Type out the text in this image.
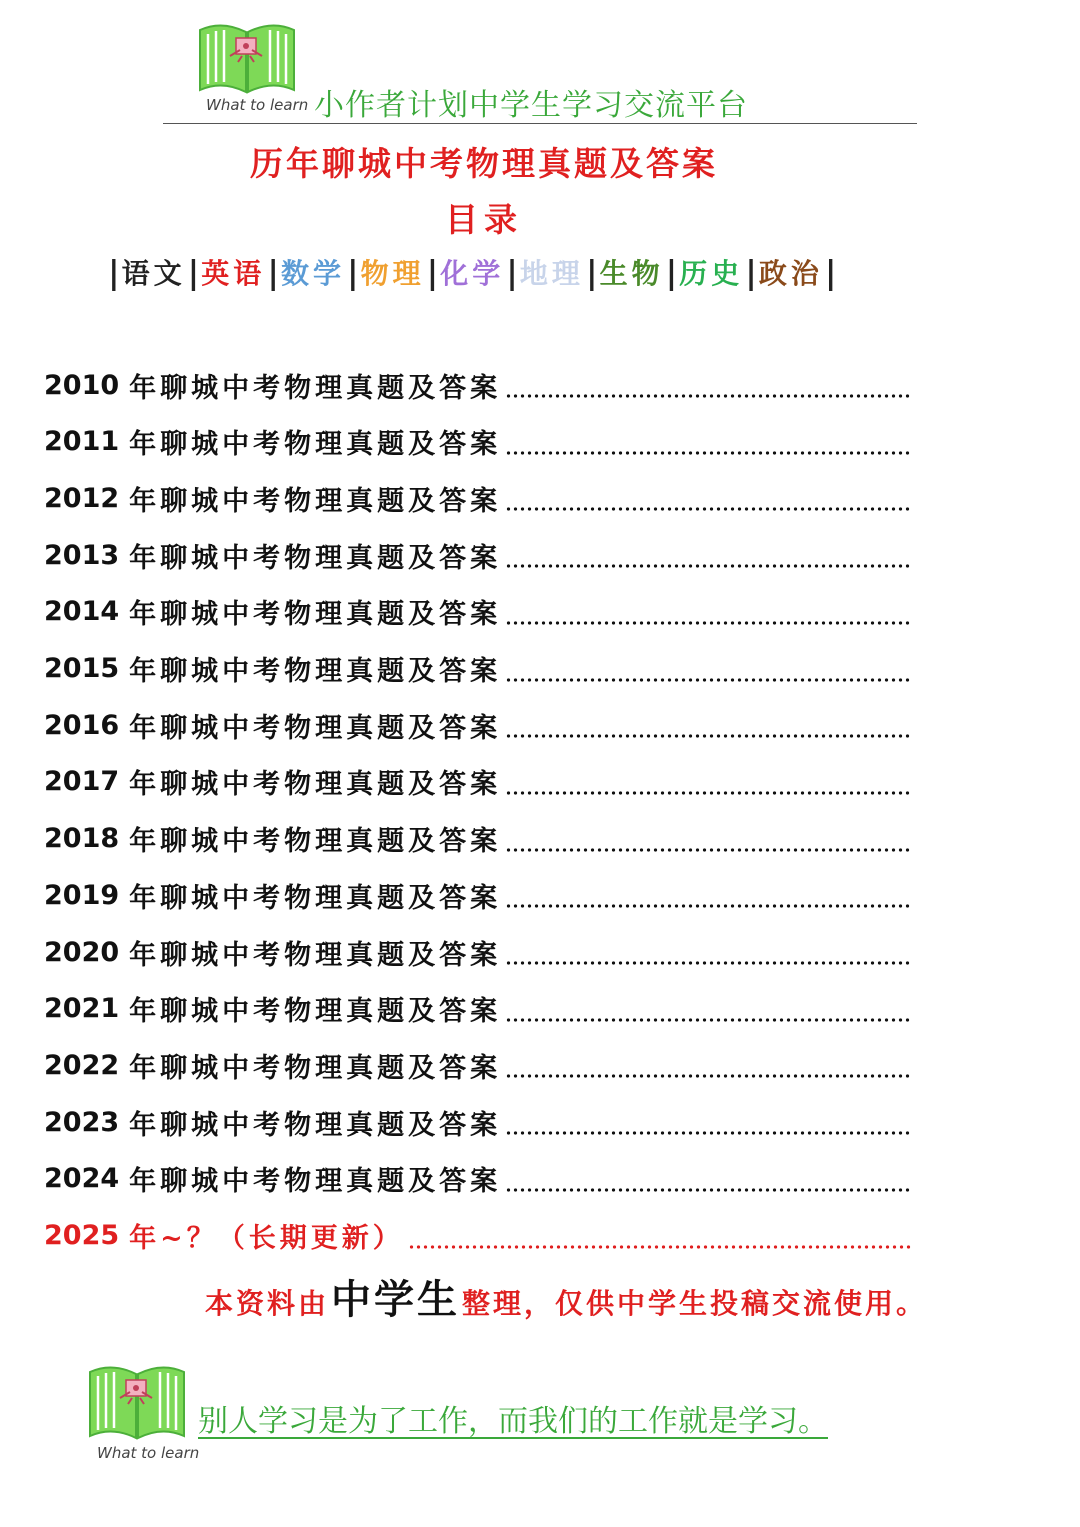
What to learn 小作者计划中学生学习交流平台
历年聊城中考物理真题及答案
目录
| 语文 | 英语 | 数学 | 物理 | 化学 | 地理 | 生物 | 历史 | 政治 |
2010 年聊城中考物理真题及答案
2011 年聊城中考物理真题及答案
2012 年聊城中考物理真题及答案
2013 年聊城中考物理真题及答案
2014 年聊城中考物理真题及答案
2015 年聊城中考物理真题及答案
2016 年聊城中考物理真题及答案
2017 年聊城中考物理真题及答案
2018 年聊城中考物理真题及答案
2019 年聊城中考物理真题及答案
2020 年聊城中考物理真题及答案
2021 年聊城中考物理真题及答案
2022 年聊城中考物理真题及答案
2023 年聊城中考物理真题及答案
2024 年聊城中考物理真题及答案
2025 年~？（长期更新）
本资料由 中学生 整理，仅供中学生投稿交流使用。
What to learn
别人学习是为了工作，而我们的工作就是学习。
